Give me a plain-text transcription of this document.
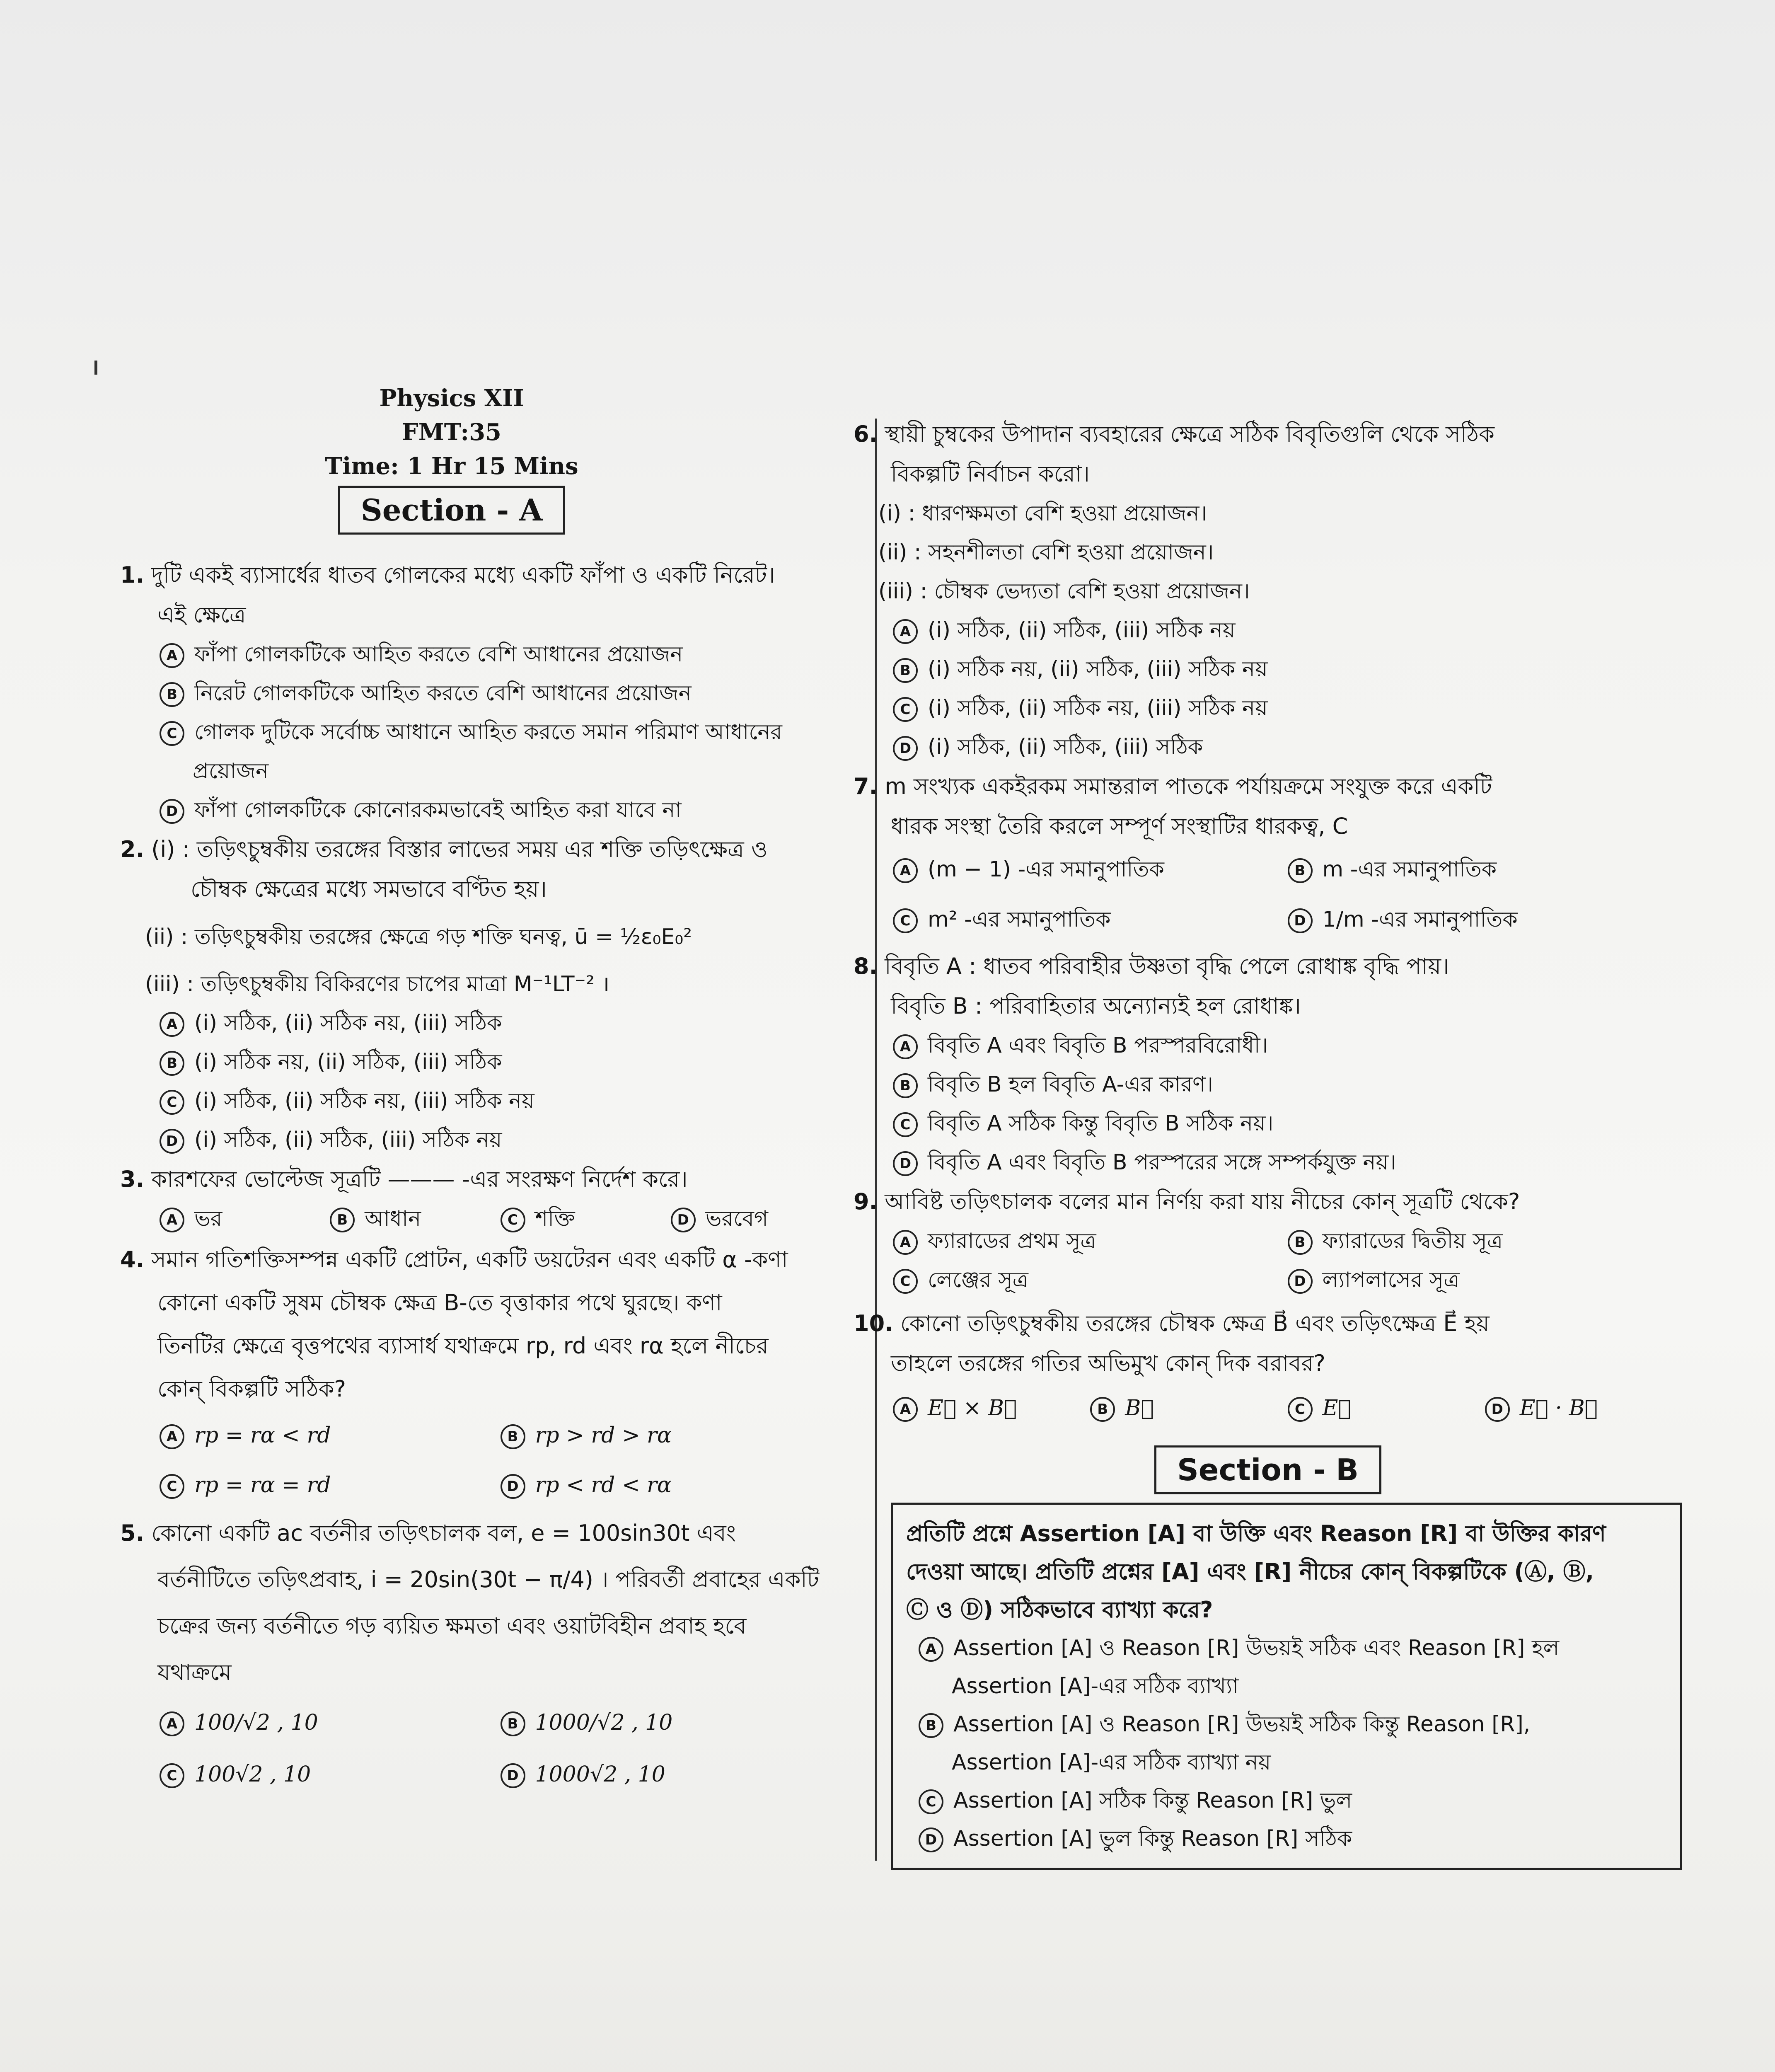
Physics XII
FMT:35
Time: 1 Hr 15 Mins
Section - A
1. দুটি একই ব্যাসার্ধের ধাতব গোলকের মধ্যে একটি ফাঁপা ও একটি নিরেট।
এই ক্ষেত্রে
A ফাঁপা গোলকটিকে আহিত করতে বেশি আধানের প্রয়োজন
B নিরেট গোলকটিকে আহিত করতে বেশি আধানের প্রয়োজন
C গোলক দুটিকে সর্বোচ্চ আধানে আহিত করতে সমান পরিমাণ আধানের
প্রয়োজন
D ফাঁপা গোলকটিকে কোনোরকমভাবেই আহিত করা যাবে না
2. (i) : তড়িৎচুম্বকীয় তরঙ্গের বিস্তার লাভের সময় এর শক্তি তড়িৎক্ষেত্র ও
চৌম্বক ক্ষেত্রের মধ্যে সমভাবে বণ্টিত হয়।
(ii) : তড়িৎচুম্বকীয় তরঙ্গের ক্ষেত্রে গড় শক্তি ঘনত্ব, ū = ½ε₀E₀²
(iii) : তড়িৎচুম্বকীয় বিকিরণের চাপের মাত্রা M⁻¹LT⁻² ।
A (i) সঠিক, (ii) সঠিক নয়, (iii) সঠিক
B (i) সঠিক নয়, (ii) সঠিক, (iii) সঠিক
C (i) সঠিক, (ii) সঠিক নয়, (iii) সঠিক নয়
D (i) সঠিক, (ii) সঠিক, (iii) সঠিক নয়
3. কারশফের ভোল্টেজ সূত্রটি ——— -এর সংরক্ষণ নির্দেশ করে।
A ভর	B আধান	C শক্তি	D ভরবেগ
4. সমান গতিশক্তিসম্পন্ন একটি প্রোটন, একটি ডয়টেরন এবং একটি α -কণা
কোনো একটি সুষম চৌম্বক ক্ষেত্র B-তে বৃত্তাকার পথে ঘুরছে। কণা
তিনটির ক্ষেত্রে বৃত্তপথের ব্যাসার্ধ যথাক্রমে rp, rd এবং rα হলে নীচের
কোন্ বিকল্পটি সঠিক?
A rp = rα < rd	B rp > rd > rα
C rp = rα = rd	D rp < rd < rα
5. কোনো একটি ac বর্তনীর তড়িৎচালক বল, e = 100sin30t এবং
বর্তনীটিতে তড়িৎপ্রবাহ, i = 20sin(30t − π/4) । পরিবর্তী প্রবাহের একটি
চক্রের জন্য বর্তনীতে গড় ব্যয়িত ক্ষমতা এবং ওয়াটবিহীন প্রবাহ হবে
যথাক্রমে
A 100/√2 , 10	B 1000/√2 , 10
C 100√2 , 10	D 1000√2 , 10
6. স্থায়ী চুম্বকের উপাদান ব্যবহারের ক্ষেত্রে সঠিক বিবৃতিগুলি থেকে সঠিক
বিকল্পটি নির্বাচন করো।
(i) : ধারণক্ষমতা বেশি হওয়া প্রয়োজন।
(ii) : সহনশীলতা বেশি হওয়া প্রয়োজন।
(iii) : চৌম্বক ভেদ্যতা বেশি হওয়া প্রয়োজন।
A (i) সঠিক, (ii) সঠিক, (iii) সঠিক নয়
B (i) সঠিক নয়, (ii) সঠিক, (iii) সঠিক নয়
C (i) সঠিক, (ii) সঠিক নয়, (iii) সঠিক নয়
D (i) সঠিক, (ii) সঠিক, (iii) সঠিক
7. m সংখ্যক একইরকম সমান্তরাল পাতকে পর্যায়ক্রমে সংযুক্ত করে একটি
ধারক সংস্থা তৈরি করলে সম্পূর্ণ সংস্থাটির ধারকত্ব, C
A (m − 1) -এর সমানুপাতিক	B m -এর সমানুপাতিক
C m² -এর সমানুপাতিক	D 1/m -এর সমানুপাতিক
8. বিবৃতি A : ধাতব পরিবাহীর উষ্ণতা বৃদ্ধি পেলে রোধাঙ্ক বৃদ্ধি পায়।
বিবৃতি B : পরিবাহিতার অন্যোন্যই হল রোধাঙ্ক।
A বিবৃতি A এবং বিবৃতি B পরস্পরবিরোধী।
B বিবৃতি B হল বিবৃতি A-এর কারণ।
C বিবৃতি A সঠিক কিন্তু বিবৃতি B সঠিক নয়।
D বিবৃতি A এবং বিবৃতি B পরস্পরের সঙ্গে সম্পর্কযুক্ত নয়।
9. আবিষ্ট তড়িৎচালক বলের মান নির্ণয় করা যায় নীচের কোন্ সূত্রটি থেকে?
A ফ্যারাডের প্রথম সূত্র	B ফ্যারাডের দ্বিতীয় সূত্র
C লেঞ্জের সূত্র	D ল্যাপলাসের সূত্র
10. কোনো তড়িৎচুম্বকীয় তরঙ্গের চৌম্বক ক্ষেত্র B⃗ এবং তড়িৎক্ষেত্র E⃗ হয়
তাহলে তরঙ্গের গতির অভিমুখ কোন্ দিক বরাবর?
A E⃗ × B⃗	B B⃗	C E⃗	D E⃗ · B⃗
Section - B
প্রতিটি প্রশ্নে Assertion [A] বা উক্তি এবং Reason [R] বা উক্তির কারণ
দেওয়া আছে। প্রতিটি প্রশ্নের [A] এবং [R] নীচের কোন্ বিকল্পটিকে (Ⓐ, Ⓑ,
Ⓒ ও Ⓓ) সঠিকভাবে ব্যাখ্যা করে?
A Assertion [A] ও Reason [R] উভয়ই সঠিক এবং Reason [R] হল
Assertion [A]-এর সঠিক ব্যাখ্যা
B Assertion [A] ও Reason [R] উভয়ই সঠিক কিন্তু Reason [R],
Assertion [A]-এর সঠিক ব্যাখ্যা নয়
C Assertion [A] সঠিক কিন্তু Reason [R] ভুল
D Assertion [A] ভুল কিন্তু Reason [R] সঠিক
